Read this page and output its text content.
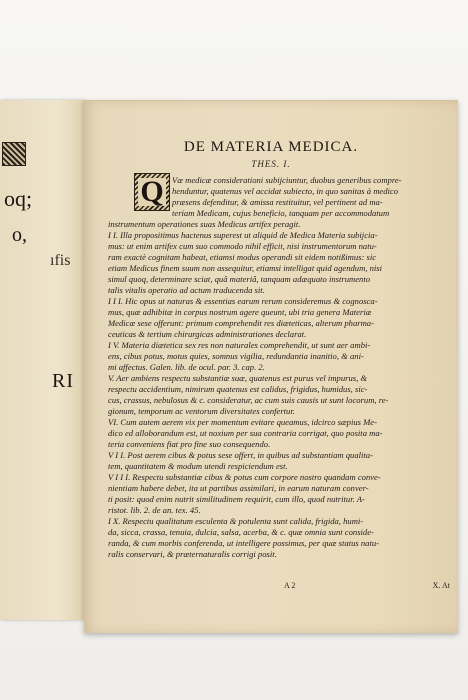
oq;
o,
ıfis
RI
DE MATERIA MEDICA.
THES. I.
Q Væ medicæ considerationi subijciuntur, duobus generibus compre-
henduntur, quatenus vel accidat subiecto, in quo sanitas à medico
præsens defenditur, & amissa restituitur, vel pertinent ad ma-
teriam Medicam, cujus beneficio, tanquam per accommodatum
instrumentum operationes suas Medicus artifex peragit.
I I. Illa propositimus hactenus superest ut aliquid de Medica Materia subijcia-
mus: ut enim artifex cum suo commodo nihil efficit, nisi instrumentorum natu-
ram exactè cognitam habeat, etiamsi modus operandi sit eidem notißimus: sic
etiam Medicus finem suum non assequitur, etiamsi intelligat quid agendum, nisi
simul quoq, determinare sciat, quâ materiâ, tanquam adæquato instrumento
talis vitalis operatio ad actum traducenda sit.
I I I. Hic opus ut naturas & essentias earum rerum consideremus & cognosca-
mus, quæ adhibitæ in corpus nostrum agere queunt, ubi tria genera Materiæ
Medicæ sese offerunt: primum comprehendit res diæteticas, alterum pharma-
ceuticas & tertium chirurgicas administrationes declarat.
I V. Materia diætetica sex res non naturales comprehendit, ut sunt aer ambi-
ens, cibus potus, motus quies, somnus vigilia, redundantia inanitio, & ani-
mi affectus. Galen. lib. de ocul. par. 3. cap. 2.
V. Aer ambiens respectu substantiæ suæ, quatenus est purus vel impurus, &
respectu accidentium, nimirum quatenus est calidus, frigidus, humidus, sic-
cus, crassus, nebulosus & c. consideratur, ac cum suis causis ut sunt locorum, re-
gionum, temporum ac ventorum diversitates confertur.
VI. Cum autem aerem vix per momentum evitare queamus, idcirco sæpius Me-
dico ed alloborandum est, ut noxium per sua contraria corrigat, quo posita ma-
teria conveniens fiat pro fine suo consequendo.
V I I. Post aerem cibus & potus sese offert, in quibus ad substantiam qualita-
tem, quantitatem & modum utendi respiciendum est.
V I I I. Respectu substantiæ cibus & potus cum corpore nostro quandam conve-
nientiam habere debet, ita ut partibus assimilari, in earum naturam conver-
ti posit: quod enim nutrit similitudinem requirit, cum illo, quod nutritur. A-
ristot. lib. 2. de an. tex. 45.
I X. Respectu qualitatum esculenta & potulenta sunt calida, frigida, humi-
da, sicca, crassa, tenuia, dulcia, salsa, acerba, & c. quæ omnia sunt conside-
randa, & cum morbis conferenda, ut intelligere possimus, per quæ status natu-
ralis conservari, & præternaturalis corrigi posit.
A 2	X. At
